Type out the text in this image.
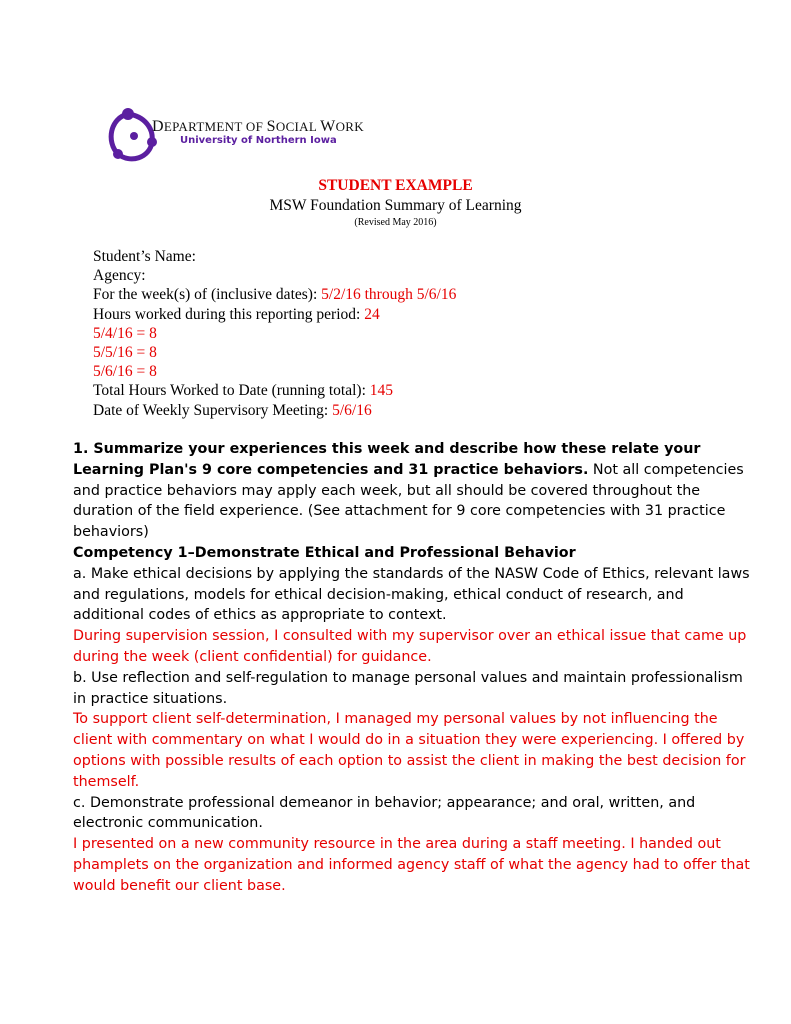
DEPARTMENT OF SOCIAL WORK
University of Northern Iowa
STUDENT EXAMPLE
MSW Foundation Summary of Learning
(Revised May 2016)
Student’s Name:
Agency:
For the week(s) of (inclusive dates): 5/2/16 through 5/6/16
Hours worked during this reporting period: 24
5/4/16 = 8
5/5/16 = 8
5/6/16 = 8
Total Hours Worked to Date (running total): 145
Date of Weekly Supervisory Meeting: 5/6/16
1. Summarize your experiences this week and describe how these relate your Learning Plan's 9 core competencies and 31 practice behaviors. Not all competencies and practice behaviors may apply each week, but all should be covered throughout the duration of the field experience. (See attachment for 9 core competencies with 31 practice behaviors)
Competency 1–Demonstrate Ethical and Professional Behavior
a. Make ethical decisions by applying the standards of the NASW Code of Ethics, relevant laws and regulations, models for ethical decision-making, ethical conduct of research, and additional codes of ethics as appropriate to context.
During supervision session, I consulted with my supervisor over an ethical issue that came up during the week (client confidential) for guidance.
b. Use reflection and self-regulation to manage personal values and maintain professionalism in practice situations.
To support client self-determination, I managed my personal values by not influencing the client with commentary on what I would do in a situation they were experiencing. I offered by options with possible results of each option to assist the client in making the best decision for themself.
c. Demonstrate professional demeanor in behavior; appearance; and oral, written, and electronic communication.
I presented on a new community resource in the area during a staff meeting. I handed out phamplets on the organization and informed agency staff of what the agency had to offer that would benefit our client base.
